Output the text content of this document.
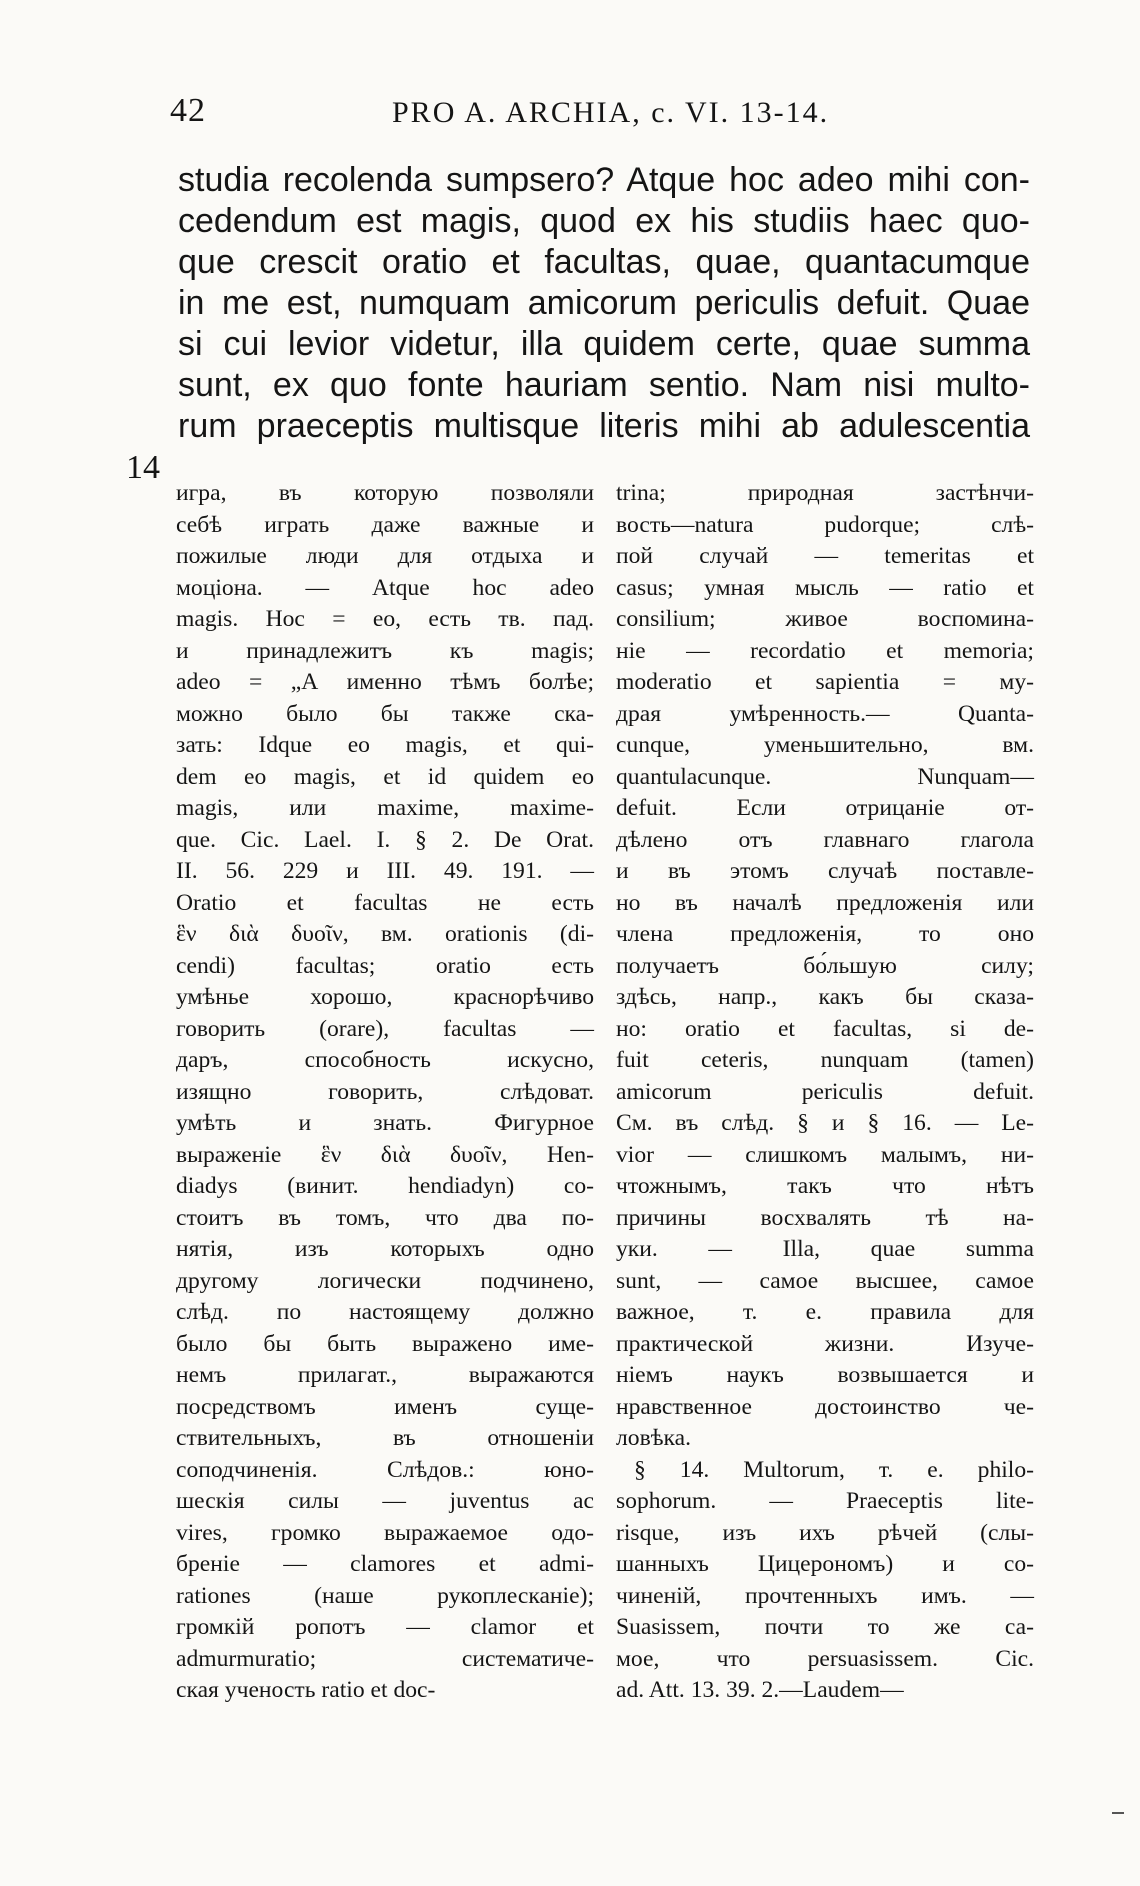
42	PRO A. ARCHIA, c. VI. 13-14.
14
studia recolenda sumpsero? Atque hoc adeo mihi con-
cedendum est magis, quod ex his studiis haec quo-
que crescit oratio et facultas, quae, quantacumque
in me est, numquam amicorum periculis defuit. Quae
si cui levior videtur, illa quidem certe, quae summa
sunt, ex quo fonte hauriam sentio. Nam nisi multo-
rum praeceptis multisque literis mihi ab adulescentia
игра, въ которую позволяли
себѣ играть даже важные и
пожилые люди для отдыха и
моціона. — Atque hoc adeo
magis. Hoc = eo, есть тв. пад.
и принадлежитъ къ magis;
adeo = „А именно тѣмъ болѣе;
можно было бы также ска-
зать: Idque eo magis, et qui-
dem eo magis, et id quidem eo
magis, или maxime, maxime-
que. Cic. Lael. I. § 2. De Orat.
II. 56. 229 и III. 49. 191. —
Oratio et facultas не есть
ἓν διὰ δυοῖν, вм. orationis (di-
cendi) facultas; oratio есть
умѣнье хорошо, краснорѣчиво
говорить (orare), facultas —
даръ, способность искусно,
изящно говорить, слѣдоват.
умѣть и знать. Фигурное
выраженіе ἓν διὰ δυοῖν, Hen-
diadys (винит. hendiadyn) со-
стоитъ въ томъ, что два по-
нятія, изъ которыхъ одно
другому логически подчинено,
слѣд. по настоящему должно
было бы быть выражено име-
немъ прилагат., выражаются
посредствомъ именъ суще-
ствительныхъ, въ отношеніи
соподчиненія. Слѣдов.: юно-
шескія силы — juventus ac
vires, громко выражаемое одо-
бреніе — clamores et admi-
rationes (наше рукоплесканіе);
громкій ропотъ — clamor et
admurmuratio; систематиче-
ская ученость ratio et doc-
trina; природная застѣнчи-
вость—natura pudorque; слѣ-
пой случай — temeritas et
casus; умная мысль — ratio et
consilium; живое воспомина-
ніе — recordatio et memoria;
moderatio et sapientia = му-
драя умѣренность.— Quanta-
cunque, уменьшительно, вм.
quantulacunque. Nunquam—
defuit. Если отрицаніе от-
дѣлено отъ главнаго глагола
и въ этомъ случаѣ поставле-
но въ началѣ предложенія или
члена предложенія, то оно
получаетъ бо́льшую силу;
здѣсь, напр., какъ бы сказа-
но: oratio et facultas, si de-
fuit ceteris, nunquam (tamen)
amicorum periculis defuit.
См. въ слѣд. § и § 16. — Le-
vior — слишкомъ малымъ, ни-
чтожнымъ, такъ что нѣтъ
причины восхвалять тѣ на-
уки. — Illa, quae summa
sunt, — самое высшее, самое
важное, т. е. правила для
практической жизни. Изуче-
ніемъ наукъ возвышается и
нравственное достоинство че-
ловѣка.
§ 14. Multorum, т. е. philo-
sophorum. — Praeceptis lite-
risque, изъ ихъ рѣчей (слы-
шанныхъ Цицерономъ) и со-
чиненій, прочтенныхъ имъ. —
Suasissem, почти то же са-
мое, что persuasissem. Cic.
ad. Att. 13. 39. 2.—Laudem—
